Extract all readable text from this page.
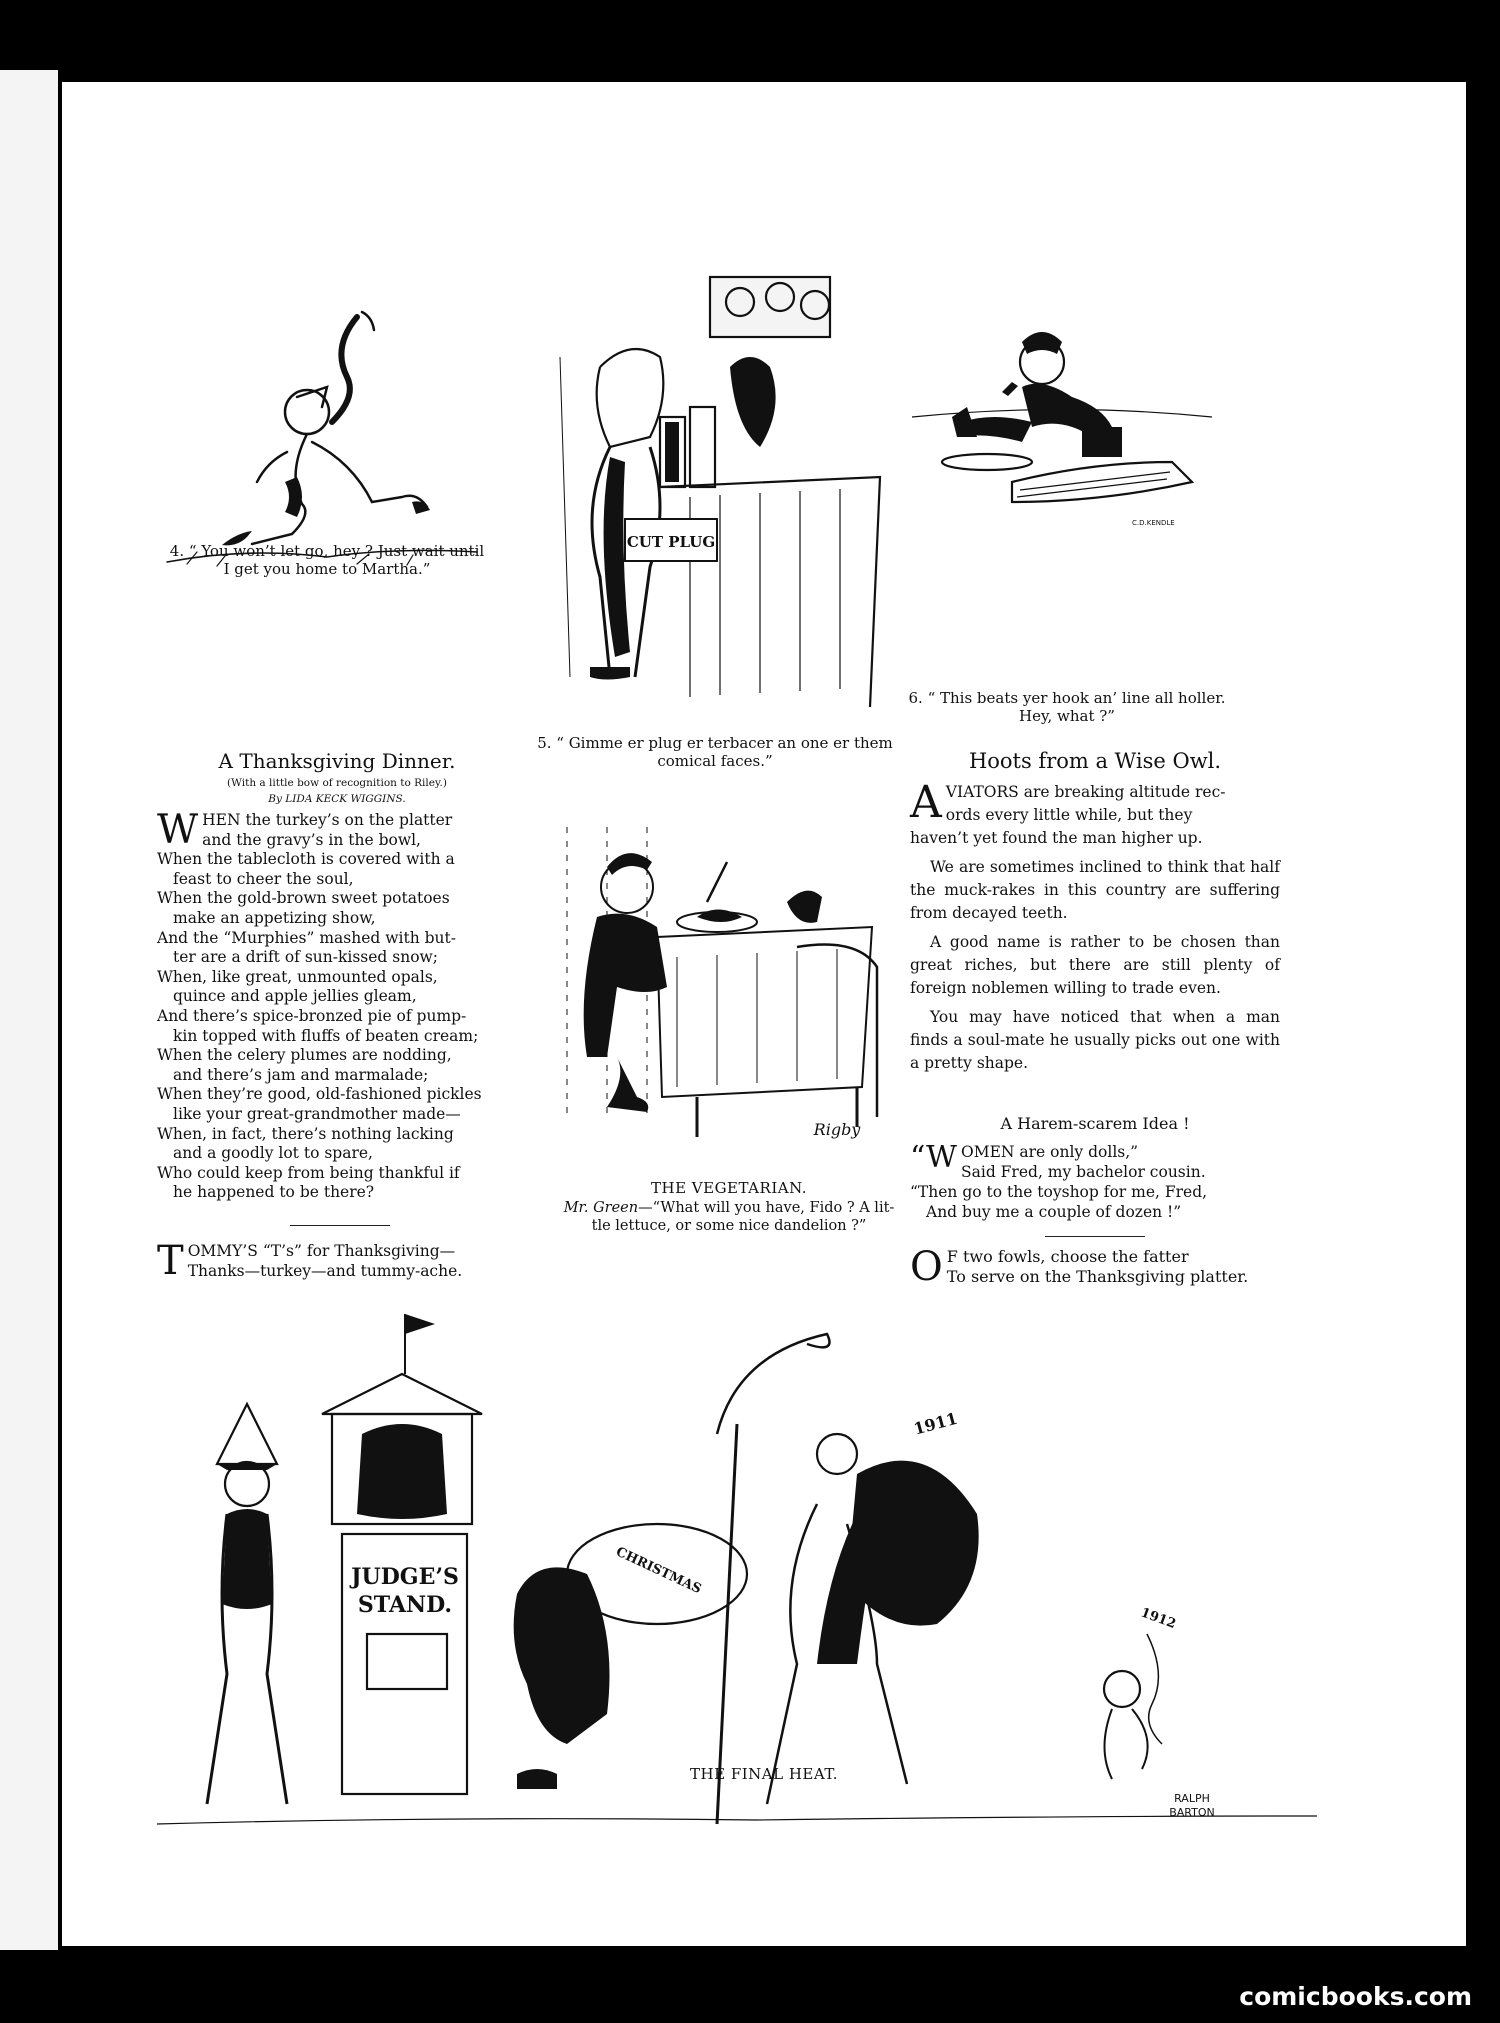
4. “ You won’t let go, hey ? Just wait until
I get you home to Martha.”
CUT PLUG
5. “ Gimme er plug er terbacer an one er them
comical faces.”
C.D.KENDLE
6. “ This beats yer hook an’ line all holler.
Hey, what ?”
A Thanksgiving Dinner.
(With a little bow of recognition to Riley.)
By LIDA KECK WIGGINS.
W HEN the turkey’s on the platter

and the gravy’s in the bowl,

When the tablecloth is covered with a

feast to cheer the soul,

When the gold-brown sweet potatoes

make an appetizing show,

And the “Murphies” mashed with but-

ter are a drift of sun-kissed snow;

When, like great, unmounted opals,

quince and apple jellies gleam,

And there’s spice-bronzed pie of pump-

kin topped with fluffs of beaten cream;

When the celery plumes are nodding,

and there’s jam and marmalade;

When they’re good, old-fashioned pickles

like your great-grandmother made—

When, in fact, there’s nothing lacking

and a goodly lot to spare,

Who could keep from being thankful if

he happened to be there?

T OMMY’S “T’s” for Thanksgiving—

Thanks—turkey—and tummy-ache.

Rigby
THE VEGETARIAN.
Mr. Green—“What will you have, Fido ? A lit-
tle lettuce, or some nice dandelion ?”
Hoots from a Wise Owl.
A VIATORS are breaking altitude rec-
ords every little while, but they
haven’t yet found the man higher up.

We are sometimes inclined to think that half the muck-rakes in this country are suffering from decayed teeth.

A good name is rather to be chosen than great riches, but there are still plenty of foreign noblemen willing to trade even.

You may have noticed that when a man finds a soul-mate he usually picks out one with a pretty shape.

A Harem-scarem Idea !
“W OMEN are only dolls,”
Said Fred, my bachelor cousin.
“Then go to the toyshop for me, Fred,
And buy me a couple of dozen !”
O F two fowls, choose the fatter
To serve on the Thanksgiving platter.
JUDGE’S
STAND.
CHRISTMAS
1911
1912
RALPH
BARTON
THE FINAL HEAT.
comicbooks.com
